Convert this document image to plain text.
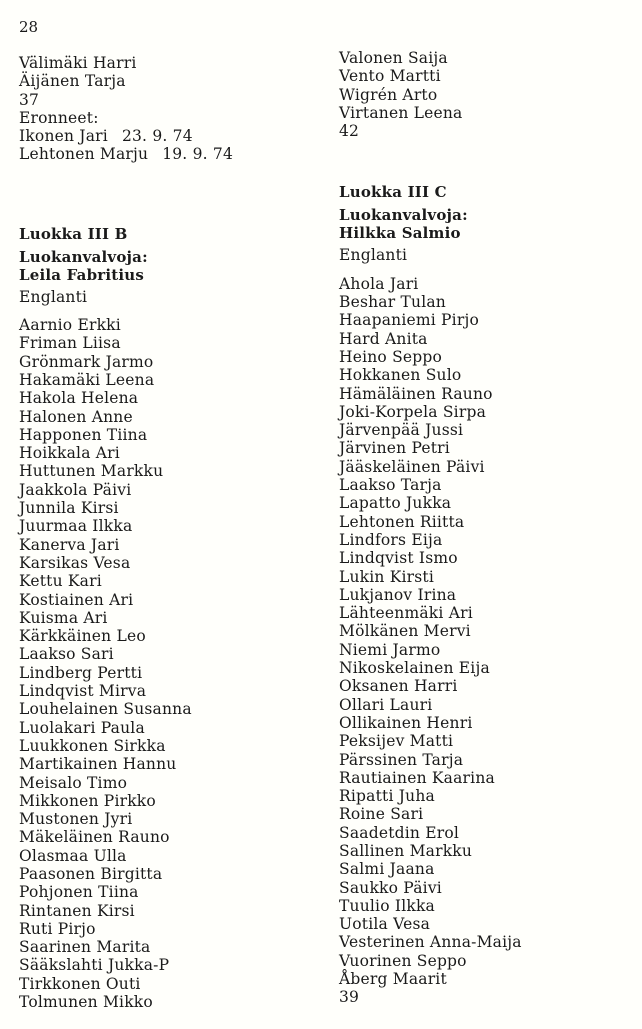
28
Välimäki Harri
Äijänen Tarja
37
Eronneet:
Ikonen Jari 23. 9. 74
Lehtonen Marju 19. 9. 74
Luokka III B
Luokanvalvoja:
Leila Fabritius
Englanti
Aarnio Erkki
Friman Liisa
Grönmark Jarmo
Hakamäki Leena
Hakola Helena
Halonen Anne
Happonen Tiina
Hoikkala Ari
Huttunen Markku
Jaakkola Päivi
Junnila Kirsi
Juurmaa Ilkka
Kanerva Jari
Karsikas Vesa
Kettu Kari
Kostiainen Ari
Kuisma Ari
Kärkkäinen Leo
Laakso Sari
Lindberg Pertti
Lindqvist Mirva
Louhelainen Susanna
Luolakari Paula
Luukkonen Sirkka
Martikainen Hannu
Meisalo Timo
Mikkonen Pirkko
Mustonen Jyri
Mäkeläinen Rauno
Olasmaa Ulla
Paasonen Birgitta
Pohjonen Tiina
Rintanen Kirsi
Ruti Pirjo
Saarinen Marita
Sääkslahti Jukka-P
Tirkkonen Outi
Tolmunen Mikko
Valonen Saija
Vento Martti
Wigrén Arto
Virtanen Leena
42
Luokka III C
Luokanvalvoja:
Hilkka Salmio
Englanti
Ahola Jari
Beshar Tulan
Haapaniemi Pirjo
Hard Anita
Heino Seppo
Hokkanen Sulo
Hämäläinen Rauno
Joki-Korpela Sirpa
Järvenpää Jussi
Järvinen Petri
Jääskeläinen Päivi
Laakso Tarja
Lapatto Jukka
Lehtonen Riitta
Lindfors Eija
Lindqvist Ismo
Lukin Kirsti
Lukjanov Irina
Lähteenmäki Ari
Mölkänen Mervi
Niemi Jarmo
Nikoskelainen Eija
Oksanen Harri
Ollari Lauri
Ollikainen Henri
Peksijev Matti
Pärssinen Tarja
Rautiainen Kaarina
Ripatti Juha
Roine Sari
Saadetdin Erol
Sallinen Markku
Salmi Jaana
Saukko Päivi
Tuulio Ilkka
Uotila Vesa
Vesterinen Anna-Maija
Vuorinen Seppo
Åberg Maarit
39
